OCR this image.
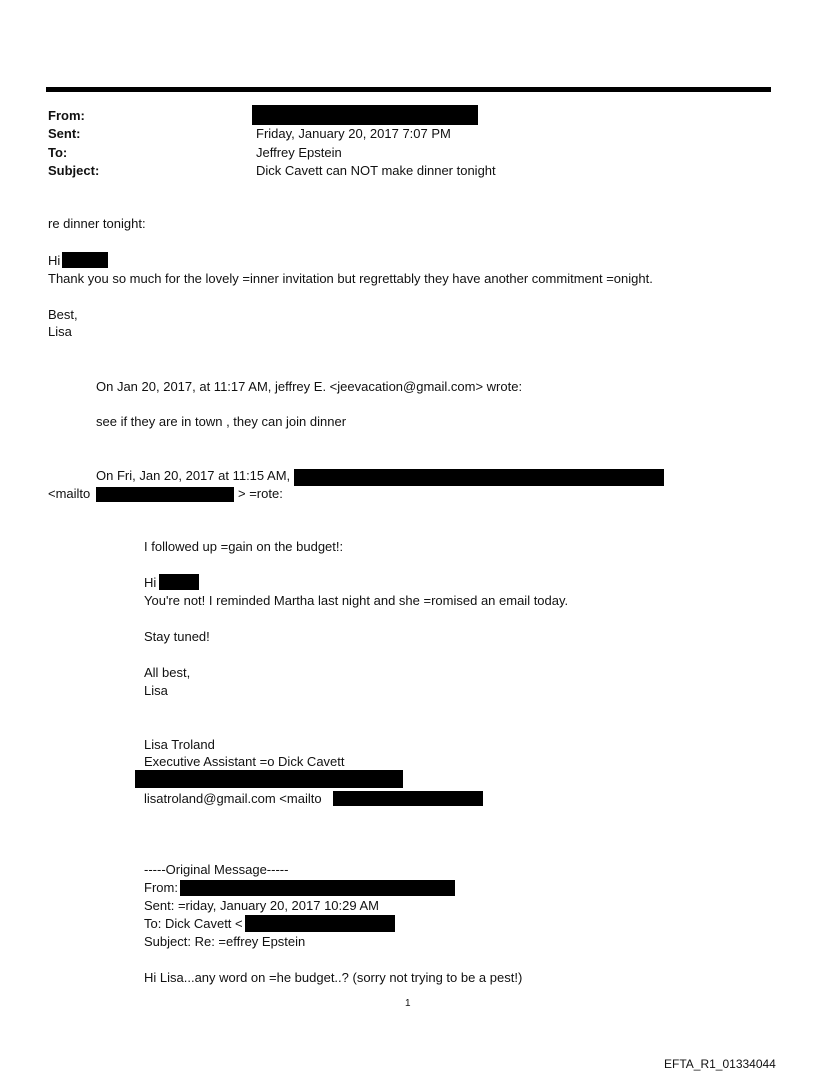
From:
Sent:
To:
Subject:
Friday, January 20, 2017 7:07 PM
Jeffrey Epstein
Dick Cavett can NOT make dinner tonight
re dinner tonight:
Hi
Thank you so much for the lovely =inner invitation but regrettably they have another commitment =onight.
Best,
Lisa
On Jan 20, 2017, at 11:17 AM, jeffrey E. <jeevacation@gmail.com> wrote:
see if they are in town , they can join dinner
On Fri, Jan 20, 2017 at 11:15 AM,
<mailto	> =rote:
I followed up =gain on the budget!:
Hi
You're not! I reminded Martha last night and she =romised an email today.
Stay tuned!
All best,
Lisa
Lisa Troland
Executive Assistant =o Dick Cavett
lisatroland@gmail.com <mailto
-----Original Message-----
From:
Sent: =riday, January 20, 2017 10:29 AM
To: Dick Cavett <
Subject: Re: =effrey Epstein
Hi Lisa...any word on =he budget..? (sorry not trying to be a pest!)
1
EFTA_R1_01334044
